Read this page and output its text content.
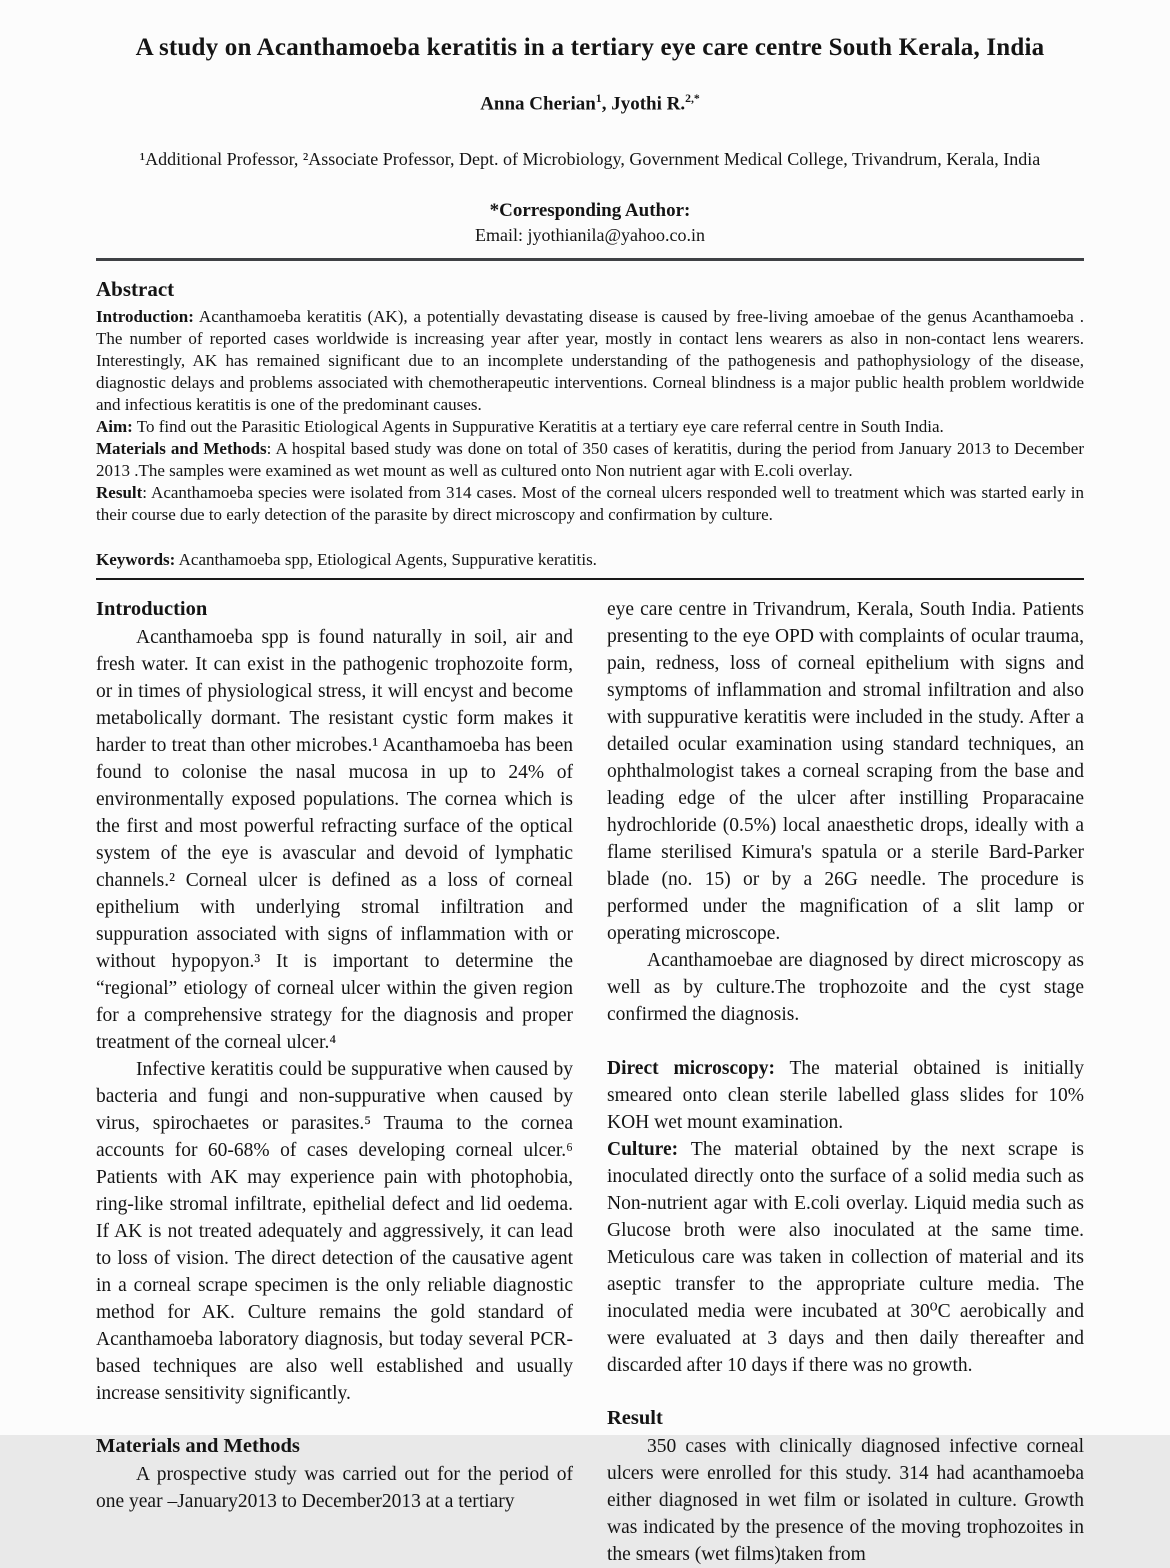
A study on Acanthamoeba keratitis in a tertiary eye care centre South Kerala, India
Anna Cherian$^1$, Jyothi R.$^{2,*}$
¹Additional Professor, ²Associate Professor, Dept. of Microbiology, Government Medical College, Trivandrum, Kerala, India
*Corresponding Author:
Email: jyothianila@yahoo.co.in
Abstract

Introduction: Acanthamoeba keratitis (AK), a potentially devastating disease is caused by free-living amoebae of the genus Acanthamoeba . The number of reported cases worldwide is increasing year after year, mostly in contact lens wearers as also in non-contact lens wearers. Interestingly, AK has remained significant due to an incomplete understanding of the pathogenesis and pathophysiology of the disease, diagnostic delays and problems associated with chemotherapeutic interventions. Corneal blindness is a major public health problem worldwide and infectious keratitis is one of the predominant causes.

Aim: To find out the Parasitic Etiological Agents in Suppurative Keratitis at a tertiary eye care referral centre in South India.

Materials and Methods: A hospital based study was done on total of 350 cases of keratitis, during the period from January 2013 to December 2013 .The samples were examined as wet mount as well as cultured onto Non nutrient agar with E.coli overlay.

Result: Acanthamoeba species were isolated from 314 cases. Most of the corneal ulcers responded well to treatment which was started early in their course due to early detection of the parasite by direct microscopy and confirmation by culture.

Keywords: Acanthamoeba spp, Etiological Agents, Suppurative keratitis.
Introduction

Acanthamoeba spp is found naturally in soil, air and fresh water. It can exist in the pathogenic trophozoite form, or in times of physiological stress, it will encyst and become metabolically dormant. The resistant cystic form makes it harder to treat than other microbes.¹ Acanthamoeba has been found to colonise the nasal mucosa in up to 24% of environmentally exposed populations. The cornea which is the first and most powerful refracting surface of the optical system of the eye is avascular and devoid of lymphatic channels.² Corneal ulcer is defined as a loss of corneal epithelium with underlying stromal infiltration and suppuration associated with signs of inflammation with or without hypopyon.³ It is important to determine the “regional” etiology of corneal ulcer within the given region for a comprehensive strategy for the diagnosis and proper treatment of the corneal ulcer.⁴

Infective keratitis could be suppurative when caused by bacteria and fungi and non-suppurative when caused by virus, spirochaetes or parasites.⁵ Trauma to the cornea accounts for 60-68% of cases developing corneal ulcer.⁶ Patients with AK may experience pain with photophobia, ring-like stromal infiltrate, epithelial defect and lid oedema. If AK is not treated adequately and aggressively, it can lead to loss of vision. The direct detection of the causative agent in a corneal scrape specimen is the only reliable diagnostic method for AK. Culture remains the gold standard of Acanthamoeba laboratory diagnosis, but today several PCR-based techniques are also well established and usually increase sensitivity significantly.

Materials and Methods

A prospective study was carried out for the period of one year –January2013 to December2013 at a tertiary

eye care centre in Trivandrum, Kerala, South India. Patients presenting to the eye OPD with complaints of ocular trauma, pain, redness, loss of corneal epithelium with signs and symptoms of inflammation and stromal infiltration and also with suppurative keratitis were included in the study. After a detailed ocular examination using standard techniques, an ophthalmologist takes a corneal scraping from the base and leading edge of the ulcer after instilling Proparacaine hydrochloride (0.5%) local anaesthetic drops, ideally with a flame sterilised Kimura's spatula or a sterile Bard-Parker blade (no. 15) or by a 26G needle. The procedure is performed under the magnification of a slit lamp or operating microscope.

Acanthamoebae are diagnosed by direct microscopy as well as by culture.The trophozoite and the cyst stage confirmed the diagnosis.

Direct microscopy: The material obtained is initially smeared onto clean sterile labelled glass slides for 10% KOH wet mount examination.

Culture: The material obtained by the next scrape is inoculated directly onto the surface of a solid media such as Non-nutrient agar with E.coli overlay. Liquid media such as Glucose broth were also inoculated at the same time. Meticulous care was taken in collection of material and its aseptic transfer to the appropriate culture media. The inoculated media were incubated at 30⁰C aerobically and were evaluated at 3 days and then daily thereafter and discarded after 10 days if there was no growth.

Result

350 cases with clinically diagnosed infective corneal ulcers were enrolled for this study. 314 had acanthamoeba either diagnosed in wet film or isolated in culture. Growth was indicated by the presence of the moving trophozoites in the smears (wet films)taken from
